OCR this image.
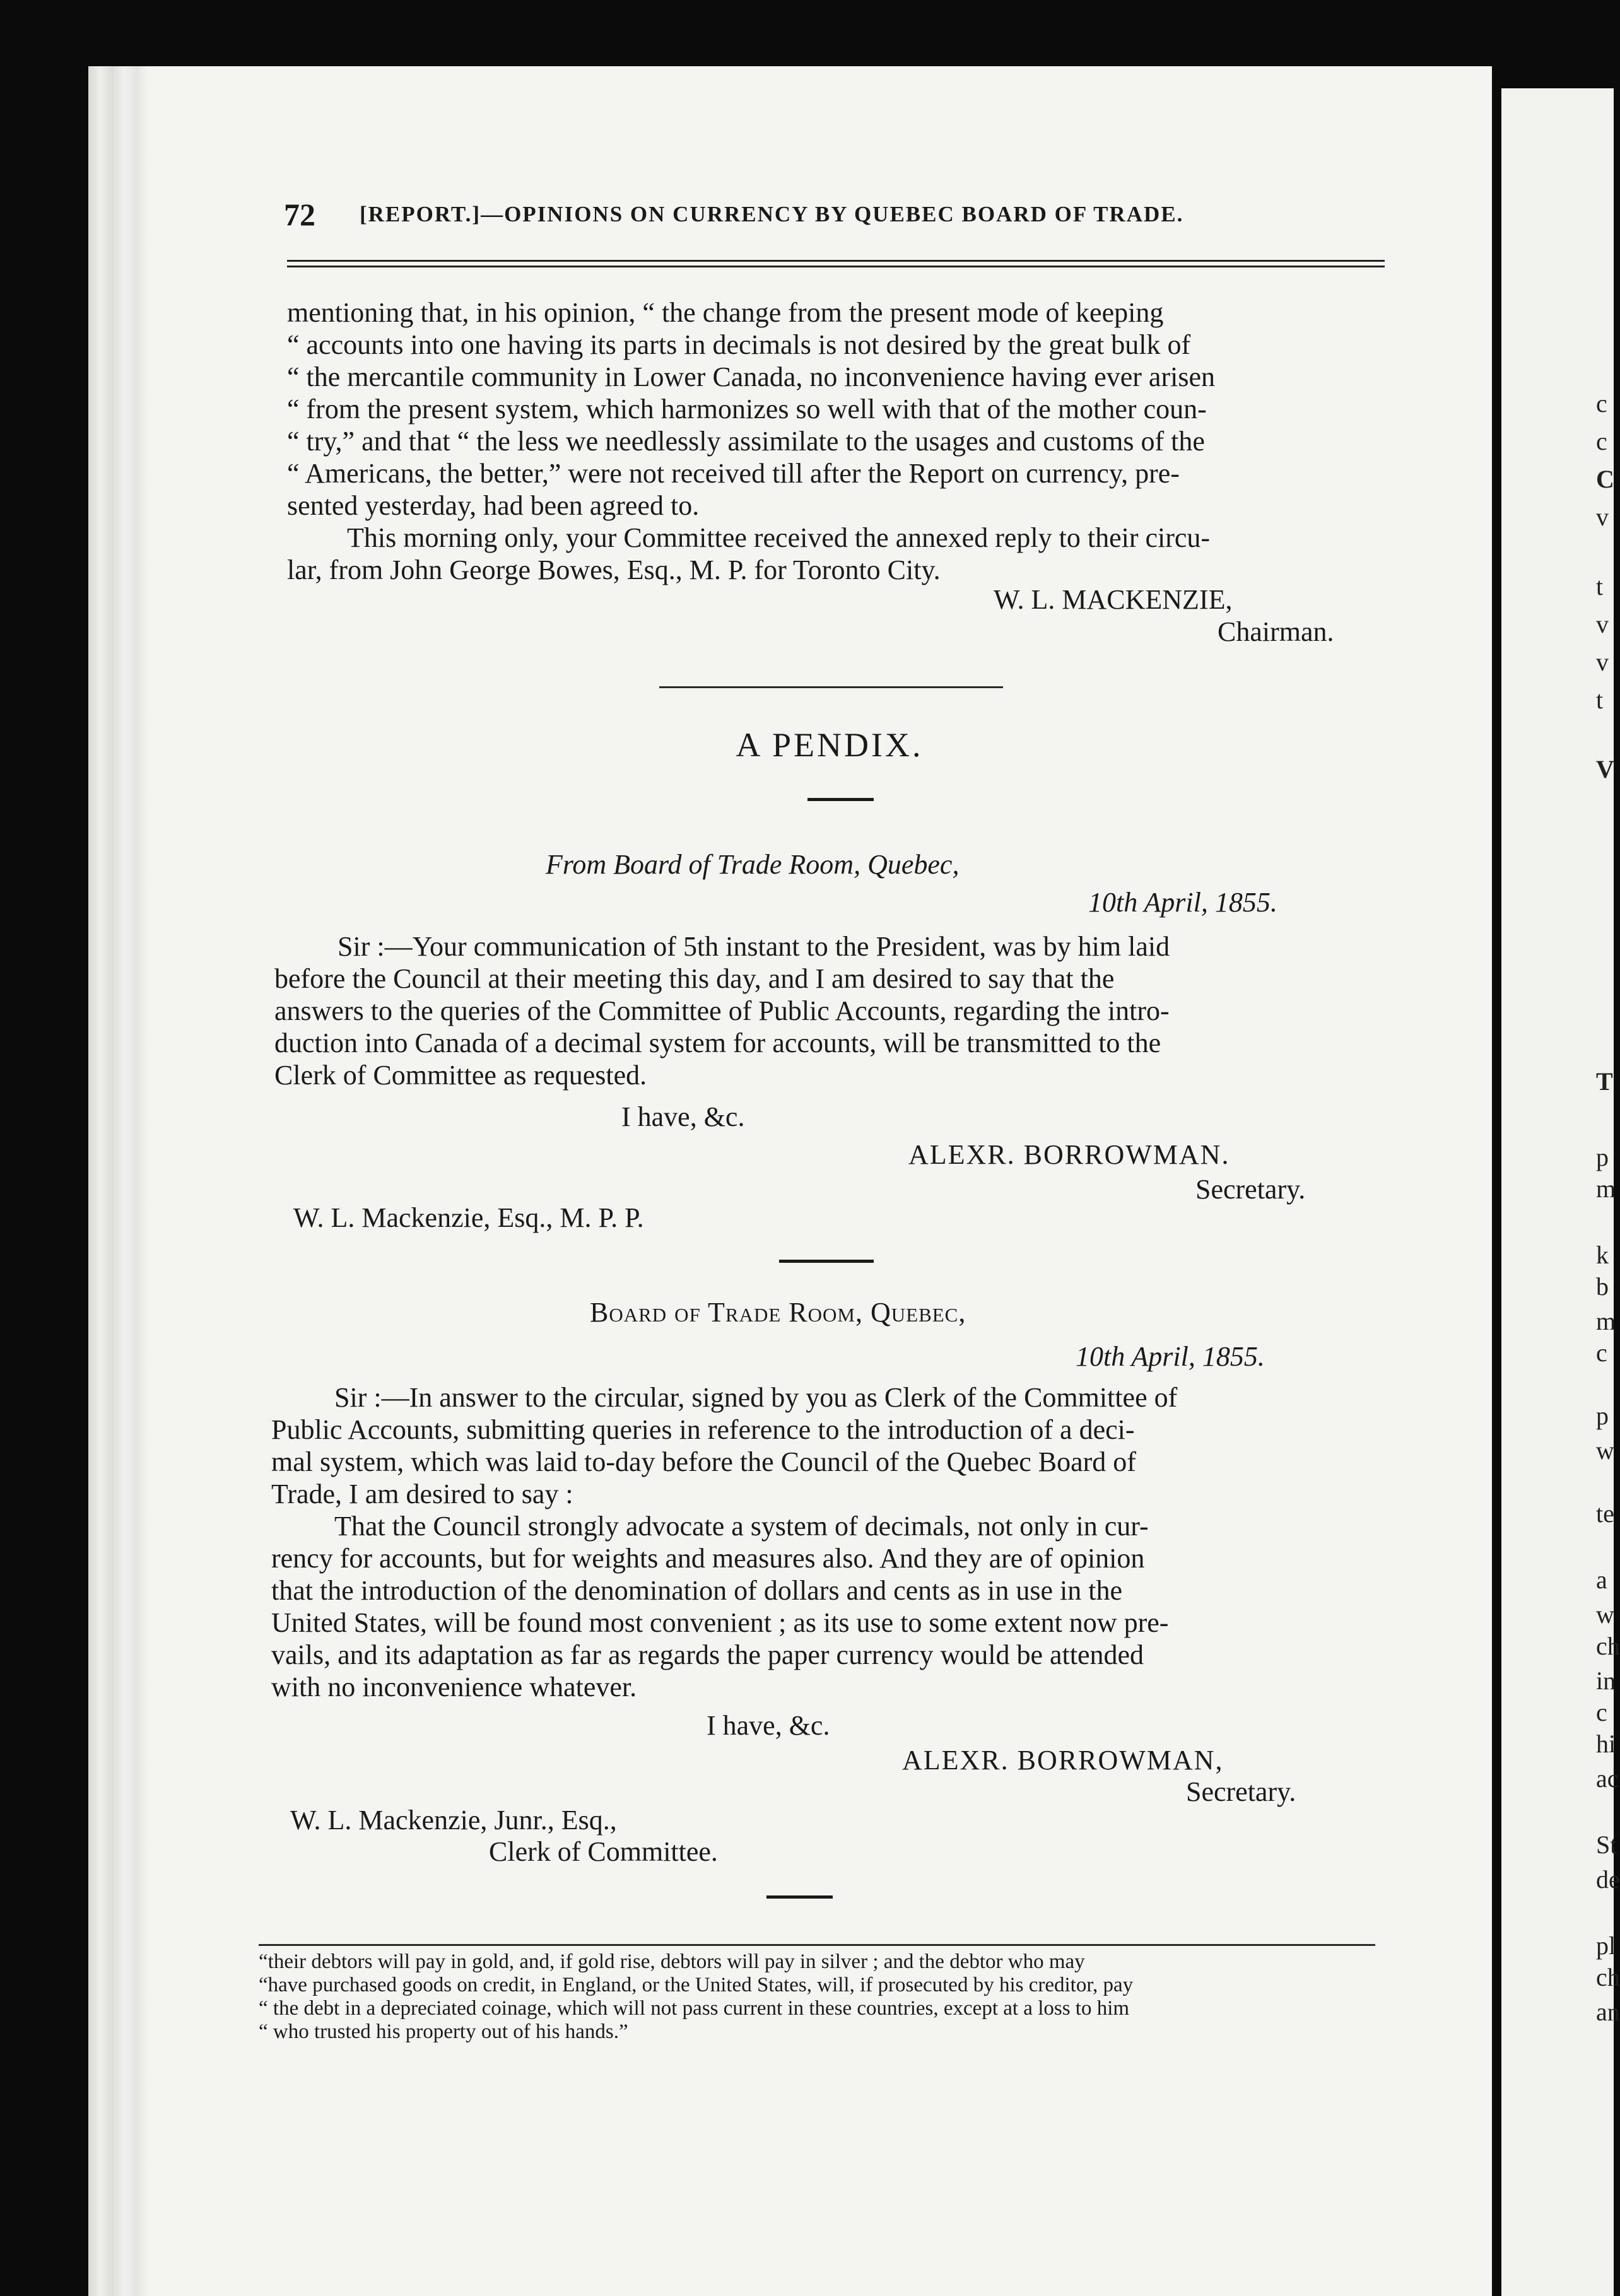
c
c
C
v
t
v
v
t
V
T
p
m
k
b
m
c
p
w
te
a
w
ch
in
c
hi
ac
St
de
pl
ch
an
72 [REPORT.]—OPINIONS ON CURRENCY BY QUEBEC BOARD OF TRADE.
mentioning that, in his opinion, “ the change from the present mode of keeping
“ accounts into one having its parts in decimals is not desired by the great bulk of
“ the mercantile community in Lower Canada, no inconvenience having ever arisen
“ from the present system, which harmonizes so well with that of the mother coun-
“ try,” and that “ the less we needlessly assimilate to the usages and customs of the
“ Americans, the better,” were not received till after the Report on currency, pre-
sented yesterday, had been agreed to.
This morning only, your Committee received the annexed reply to their circu-
lar, from John George Bowes, Esq., M. P. for Toronto City.
W. L. MACKENZIE,
Chairman.
A PENDIX.
From Board of Trade Room, Quebec,
10th April, 1855.
Sir :—Your communication of 5th instant to the President, was by him laid
before the Council at their meeting this day, and I am desired to say that the
answers to the queries of the Committee of Public Accounts, regarding the intro-
duction into Canada of a decimal system for accounts, will be transmitted to the
Clerk of Committee as requested.
I have, &c.
ALEXR. BORROWMAN.
Secretary.
W. L. Mackenzie, Esq., M. P. P.
Board of Trade Room, Quebec,
10th April, 1855.
Sir :—In answer to the circular, signed by you as Clerk of the Committee of
Public Accounts, submitting queries in reference to the introduction of a deci-
mal system, which was laid to-day before the Council of the Quebec Board of
Trade, I am desired to say :
That the Council strongly advocate a system of decimals, not only in cur-
rency for accounts, but for weights and measures also. And they are of opinion
that the introduction of the denomination of dollars and cents as in use in the
United States, will be found most convenient ; as its use to some extent now pre-
vails, and its adaptation as far as regards the paper currency would be attended
with no inconvenience whatever.
I have, &c.
ALEXR. BORROWMAN,
Secretary.
W. L. Mackenzie, Junr., Esq.,
Clerk of Committee.
“their debtors will pay in gold, and, if gold rise, debtors will pay in silver ; and the debtor who may
“have purchased goods on credit, in England, or the United States, will, if prosecuted by his creditor, pay
“ the debt in a depreciated coinage, which will not pass current in these countries, except at a loss to him
“ who trusted his property out of his hands.”
